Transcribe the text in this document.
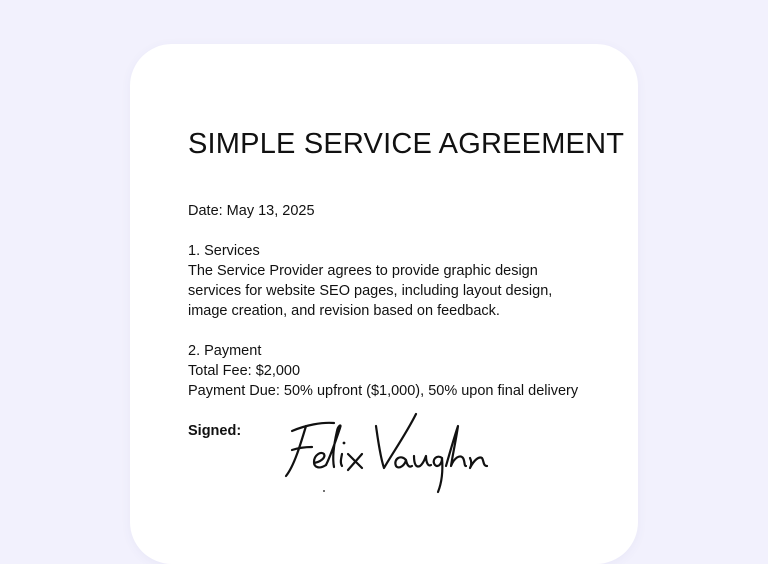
SIMPLE SERVICE AGREEMENT
Date: May 13, 2025
1. Services
The Service Provider agrees to provide graphic design
services for website SEO pages, including layout design,
image creation, and revision based on feedback.
2. Payment
Total Fee: $2,000
Payment Due: 50% upfront ($1,000), 50% upon final delivery
Signed:
